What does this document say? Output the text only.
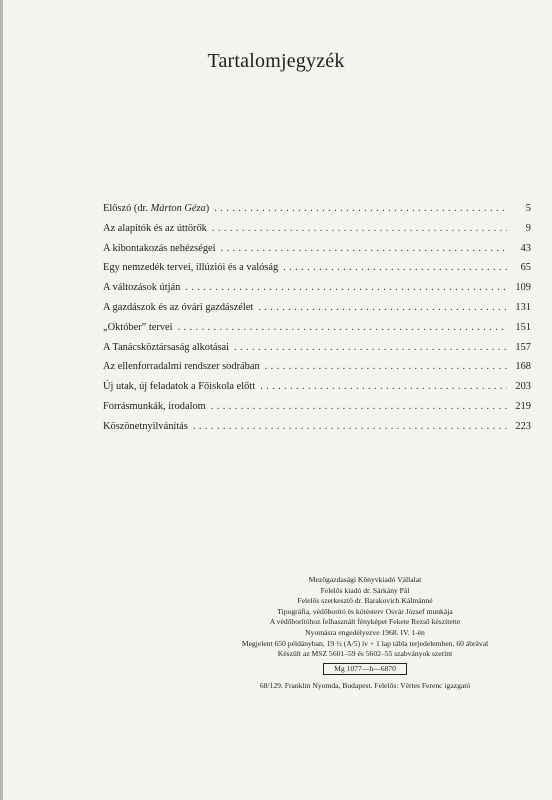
Tartalomjegyzék
Előszó (dr. Márton Géza) . . .	5
Az alapítók és az úttörők . . .	9
A kibontakozás nehézségei . . .	43
Egy nemzedék tervei, illúziói és a valóság . . .	65
A változások útján . . .	109
A gazdászok és az óvári gazdászélet . . .	131
„Október” tervei . . .	151
A Tanácsköztársaság alkotásai . . .	157
Az ellenforradalmi rendszer sodrában . . .	168
Új utak, új feladatok a Főiskola előtt . . .	203
Forrásmunkák, irodalom . . .	219
Köszönetnyilvánítás . . .	223
Mezőgazdasági Könyvkiadó Vállalat
Felelős kiadó dr. Sárkány Pál
Felelős szerkesztő dr. Barakovich Kálmánné
Tipográfia, védőborító és kötésterv Osvár József munkája
A védőborítóhoz felhasznált fényképet Fekete Rezső készítette
Nyomásra engedélyezve 1968. IV. 1-én
Megjelent 650 példányban, 19 ½ (A/5) ív + 1 lap tábla terjedelemben, 60 ábrával
Készült az MSZ 5601–59 és 5602–55 szabványok szerint
Mg 1077—h—6870
68/129. Franklin Nyomda, Budapest. Felelős: Vértes Ferenc igazgató
